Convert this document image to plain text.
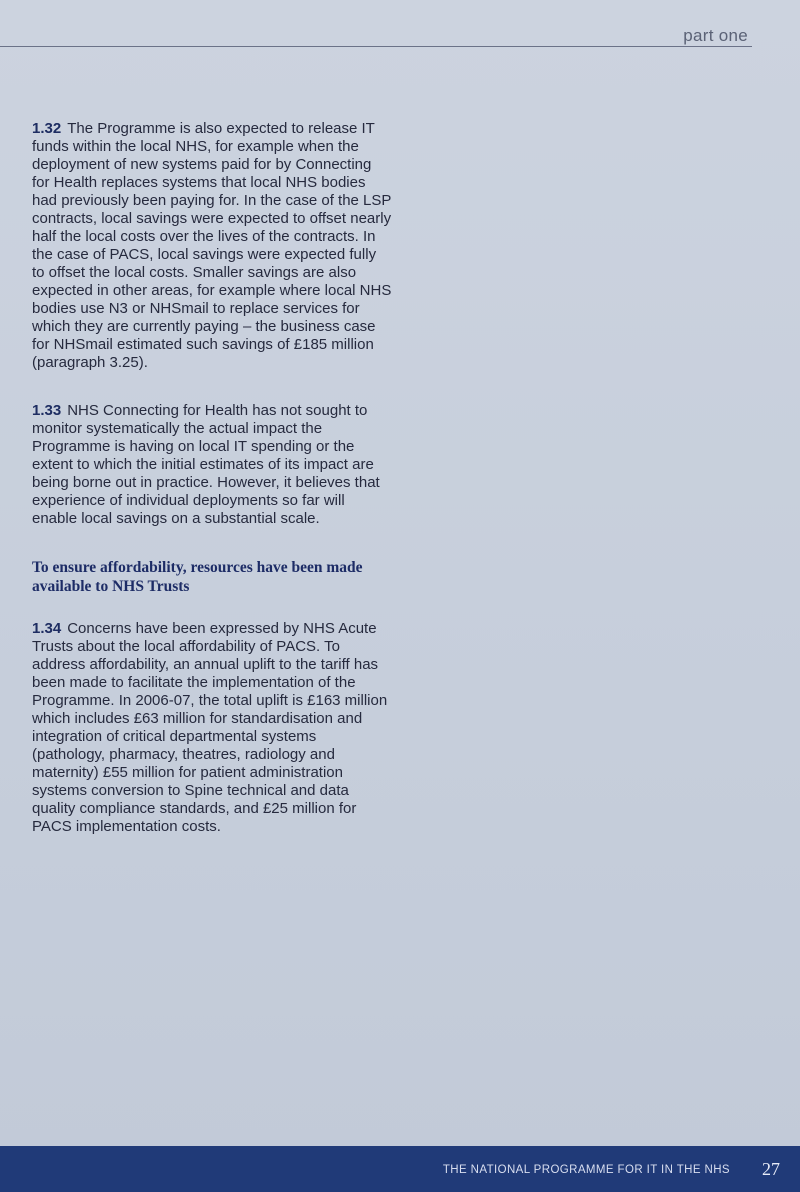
part one

1.32 The Programme is also expected to release IT funds within the local NHS, for example when the deployment of new systems paid for by Connecting for Health replaces systems that local NHS bodies had previously been paying for. In the case of the LSP contracts, local savings were expected to offset nearly half the local costs over the lives of the contracts. In the case of PACS, local savings were expected fully to offset the local costs. Smaller savings are also expected in other areas, for example where local NHS bodies use N3 or NHSmail to replace services for which they are currently paying – the business case for NHSmail estimated such savings of £185 million (paragraph 3.25).

1.33 NHS Connecting for Health has not sought to monitor systematically the actual impact the Programme is having on local IT spending or the extent to which the initial estimates of its impact are being borne out in practice. However, it believes that experience of individual deployments so far will enable local savings on a substantial scale.

To ensure affordability, resources have been made available to NHS Trusts

1.34 Concerns have been expressed by NHS Acute Trusts about the local affordability of PACS. To address affordability, an annual uplift to the tariff has been made to facilitate the implementation of the Programme. In 2006-07, the total uplift is £163 million which includes £63 million for standardisation and integration of critical departmental systems (pathology, pharmacy, theatres, radiology and maternity) £55 million for patient administration systems conversion to Spine technical and data quality compliance standards, and £25 million for PACS implementation costs.

THE NATIONAL PROGRAMME FOR IT IN THE NHS 27
